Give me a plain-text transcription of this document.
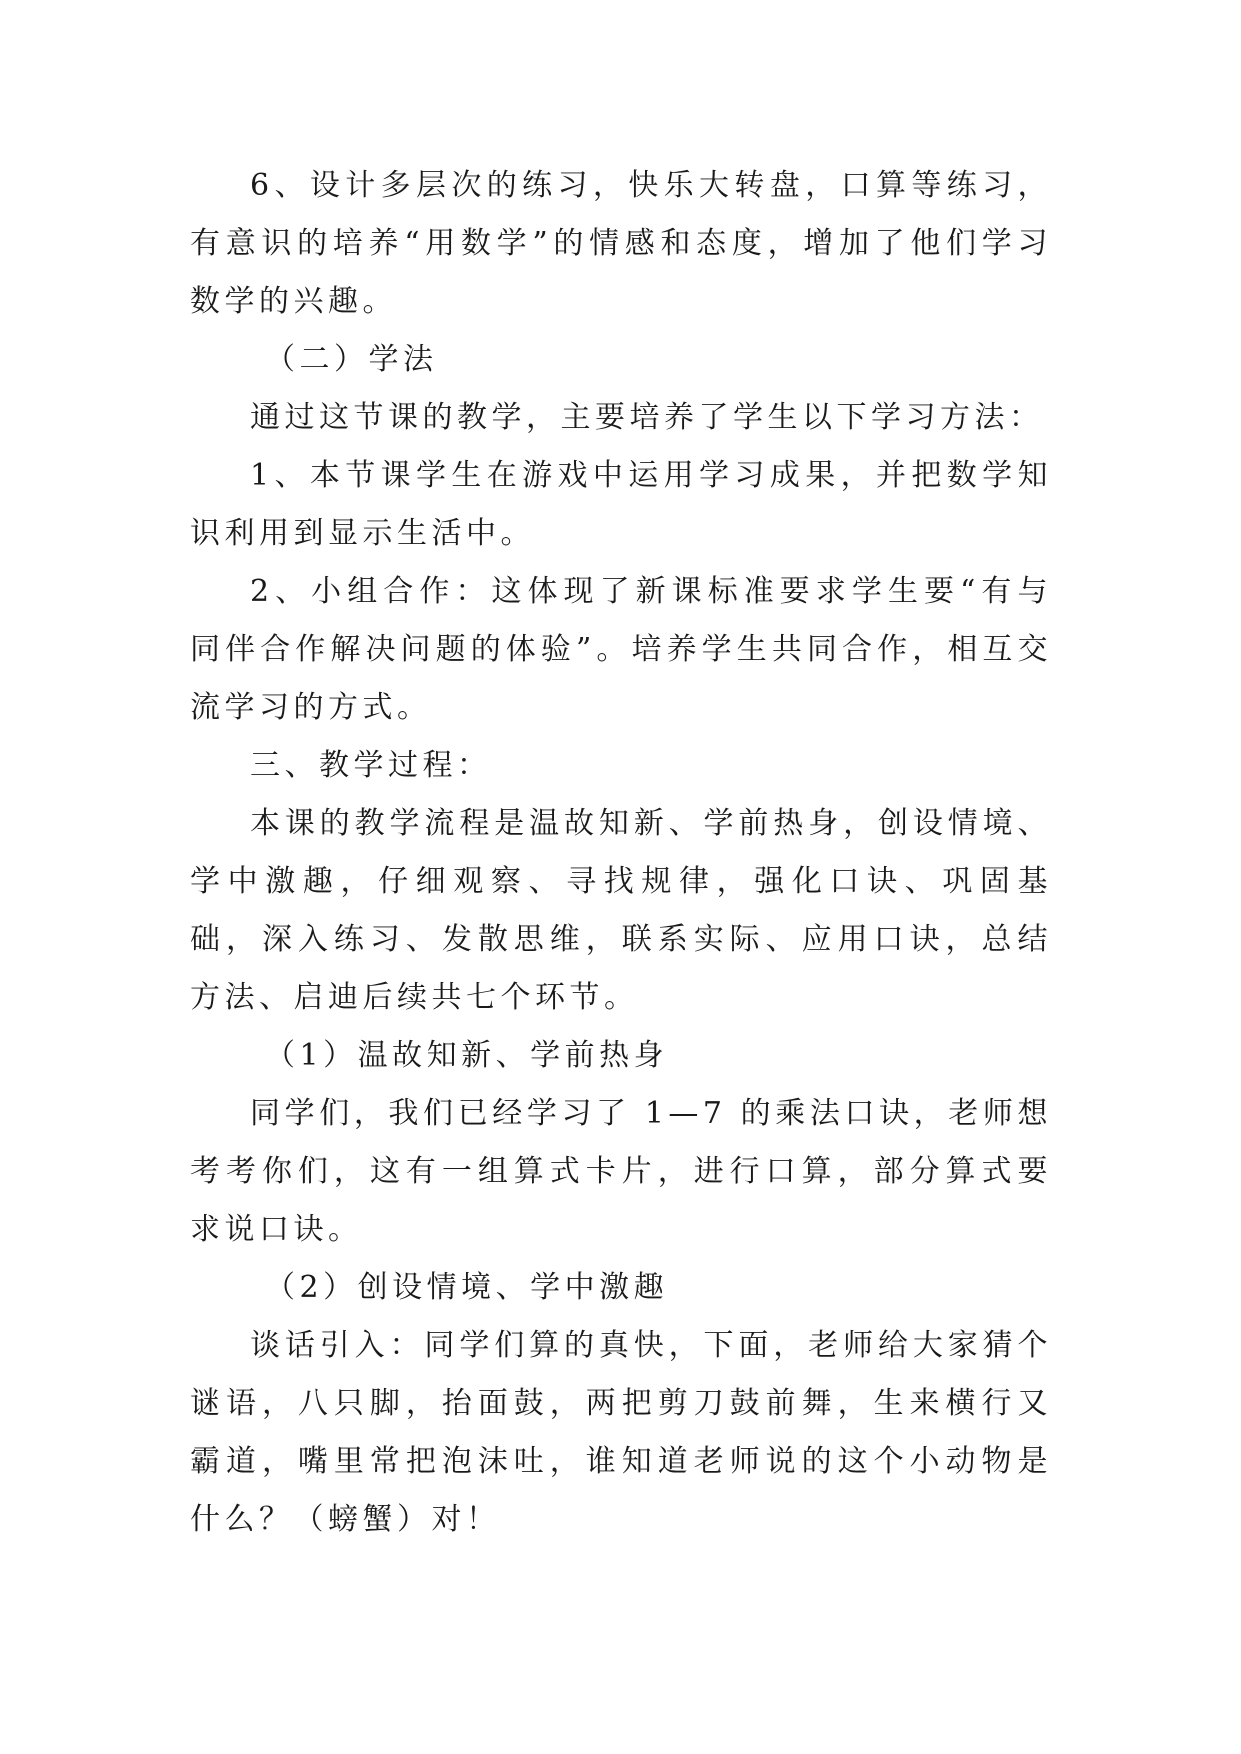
6、设计多层次的练习，快乐大转盘，口算等练习，有意识的培养“用数学”的情感和态度，增加了他们学习数学的兴趣。

（二）学法

通过这节课的教学，主要培养了学生以下学习方法：

1、本节课学生在游戏中运用学习成果，并把数学知识利用到显示生活中。

2、小组合作：这体现了新课标准要求学生要“有与同伴合作解决问题的体验”。培养学生共同合作，相互交流学习的方式。

三、教学过程：

本课的教学流程是温故知新、学前热身，创设情境、学中激趣，仔细观察、寻找规律，强化口诀、巩固基础，深入练习、发散思维，联系实际、应用口诀，总结方法、启迪后续共七个环节。

（1）温故知新、学前热身

同学们，我们已经学习了 1—7 的乘法口诀，老师想考考你们，这有一组算式卡片，进行口算，部分算式要求说口诀。

（2）创设情境、学中激趣

谈话引入：同学们算的真快，下面，老师给大家猜个谜语，八只脚，抬面鼓，两把剪刀鼓前舞，生来横行又霸道，嘴里常把泡沫吐，谁知道老师说的这个小动物是什么？（螃蟹）对！
